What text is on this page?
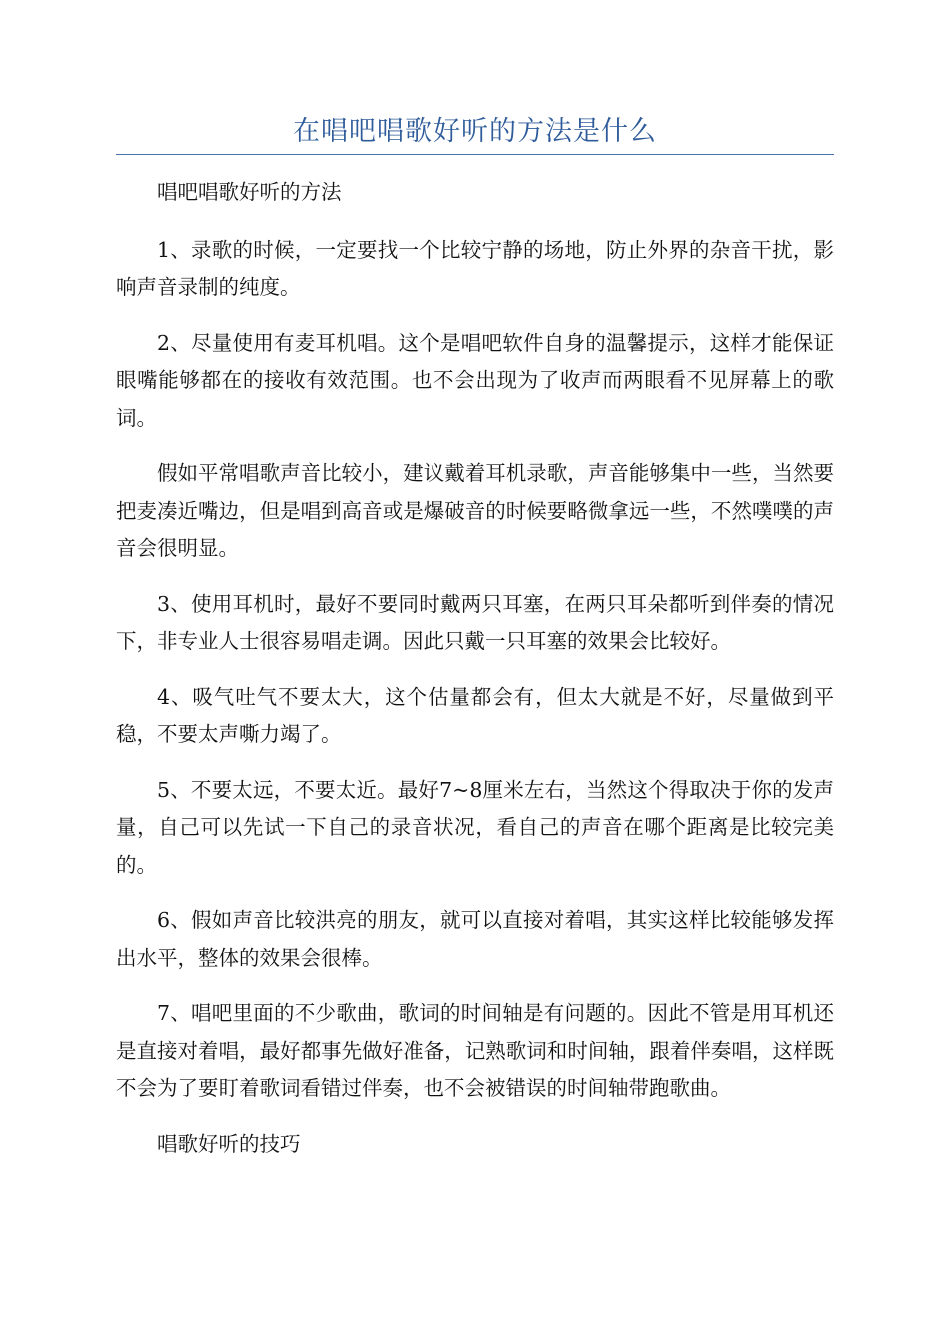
在唱吧唱歌好听的方法是什么

唱吧唱歌好听的方法

1、录歌的时候，一定要找一个比较宁静的场地，防止外界的杂音干扰，影响声音录制的纯度。

2、尽量使用有麦耳机唱。这个是唱吧软件自身的温馨提示，这样才能保证眼嘴能够都在的接收有效范围。也不会出现为了收声而两眼看不见屏幕上的歌词。

假如平常唱歌声音比较小，建议戴着耳机录歌，声音能够集中一些，当然要把麦凑近嘴边，但是唱到高音或是爆破音的时候要略微拿远一些，不然噗噗的声音会很明显。

3、使用耳机时，最好不要同时戴两只耳塞，在两只耳朵都听到伴奏的情况下，非专业人士很容易唱走调。因此只戴一只耳塞的效果会比较好。

4、吸气吐气不要太大，这个估量都会有，但太大就是不好，尽量做到平稳，不要太声嘶力竭了。

5、不要太远，不要太近。最好7~8厘米左右，当然这个得取决于你的发声量，自己可以先试一下自己的录音状况，看自己的声音在哪个距离是比较完美的。

6、假如声音比较洪亮的朋友，就可以直接对着唱，其实这样比较能够发挥出水平，整体的效果会很棒。

7、唱吧里面的不少歌曲，歌词的时间轴是有问题的。因此不管是用耳机还是直接对着唱，最好都事先做好准备，记熟歌词和时间轴，跟着伴奏唱，这样既不会为了要盯着歌词看错过伴奏，也不会被错误的时间轴带跑歌曲。

唱歌好听的技巧
